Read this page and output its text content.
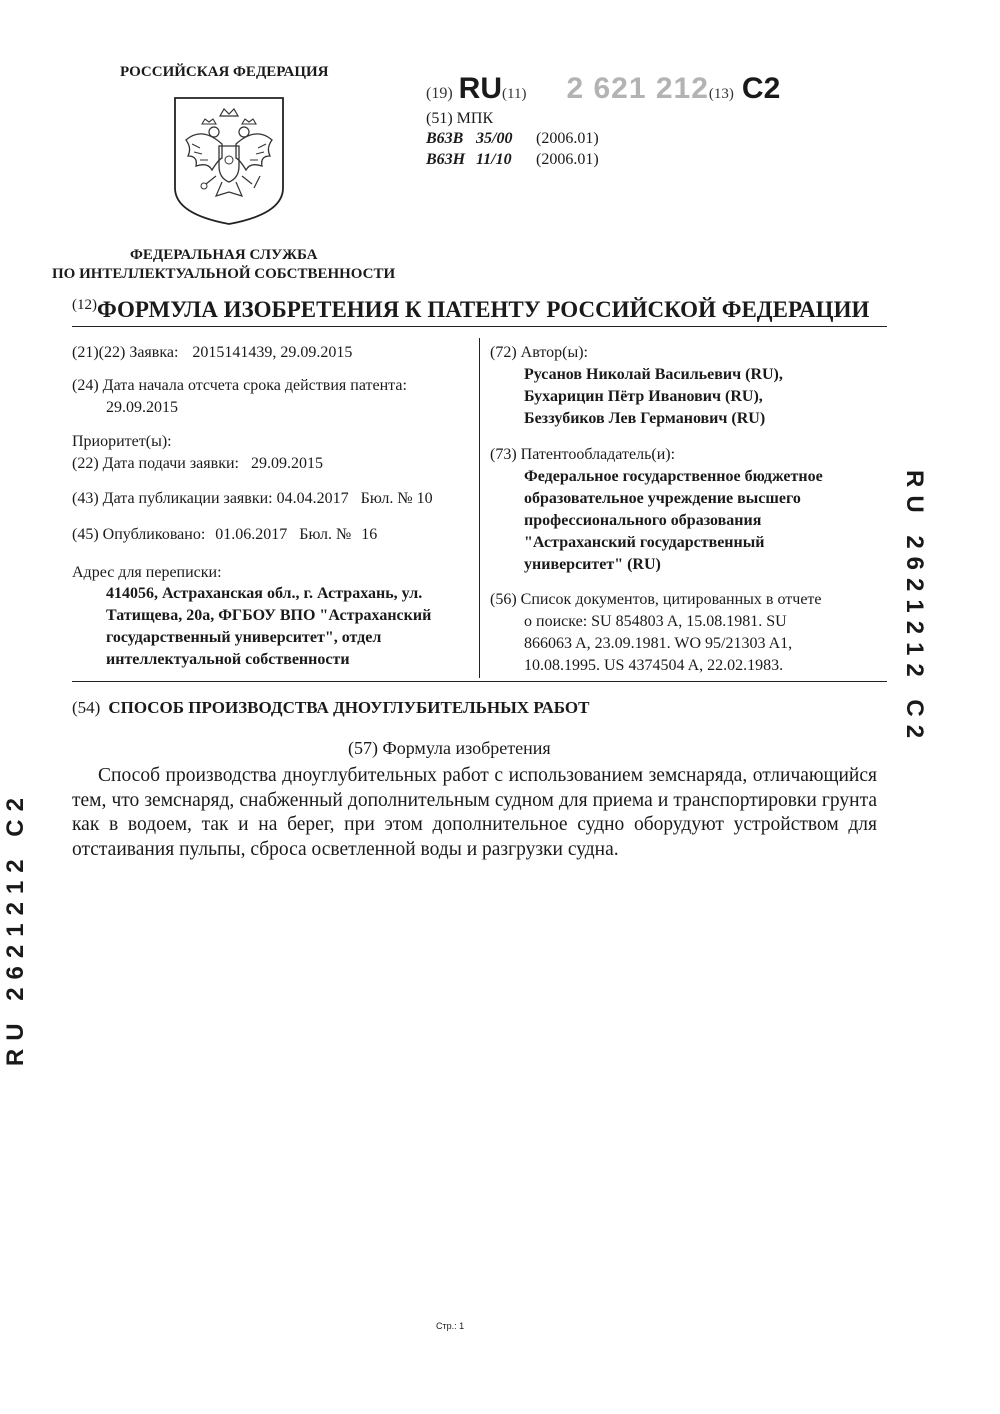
РОССИЙСКАЯ ФЕДЕРАЦИЯ
ФЕДЕРАЛЬНАЯ СЛУЖБА
ПО ИНТЕЛЛЕКТУАЛЬНОЙ СОБСТВЕННОСТИ
(19) RU (11) 2 621 212 (13) C2
(51) МПК
B63B 35/00 (2006.01)
B63H 11/10 (2006.01)
$^{(12)}$ФОРМУЛА ИЗОБРЕТЕНИЯ К ПАТЕНТУ РОССИЙСКОЙ ФЕДЕРАЦИИ
(21)(22) Заявка: 2015141439, 29.09.2015
(24) Дата начала отсчета срока действия патента:
29.09.2015
Приоритет(ы):
(22) Дата подачи заявки: 29.09.2015
(43) Дата публикации заявки: 04.04.2017 Бюл. № 10
(45) Опубликовано: 01.06.2017 Бюл. № 16
Адрес для переписки:
414056, Астраханская обл., г. Астрахань, ул.
Татищева, 20а, ФГБОУ ВПО "Астраханский
государственный университет", отдел
интеллектуальной собственности
(72) Автор(ы):
Русанов Николай Васильевич (RU),
Бухарицин Пётр Иванович (RU),
Беззубиков Лев Германович (RU)
(73) Патентообладатель(и):
Федеральное государственное бюджетное
образовательное учреждение высшего
профессионального образования
"Астраханский государственный
университет" (RU)
(56) Список документов, цитированных в отчете
о поиске: SU 854803 A, 15.08.1981. SU
866063 A, 23.09.1981. WO 95/21303 A1,
10.08.1995. US 4374504 A, 22.02.1983.
(54) СПОСОБ ПРОИЗВОДСТВА ДНОУГЛУБИТЕЛЬНЫХ РАБОТ
(57) Формула изобретения
Способ производства дноуглубительных работ с использованием земснаряда, отличающийся тем, что земснаряд, снабженный дополнительным судном для приема и транспортировки грунта как в водоем, так и на берег, при этом дополнительное судно оборудуют устройством для отстаивания пульпы, сброса осветленной воды и разгрузки судна.
RU 2621212 C2
RU 2621212 C2
Стр.: 1
